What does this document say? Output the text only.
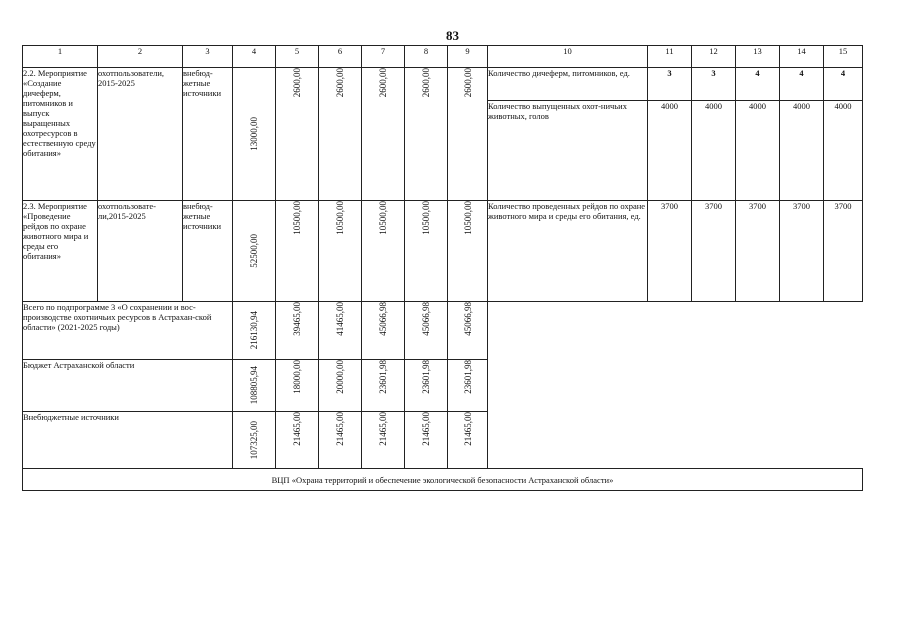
83
1	2	3	4	5	6	7	8	9	10	11	12	13	14	15
2.2. Мероприятие «Создание дичеферм, питомников и выпуск выращенных охотресурсов в естественную среду обитания»	охотпользователи, 2015-2025	внебюд-жетные источники	13000,00	2600,00	2600,00	2600,00	2600,00	2600,00	Количество дичеферм, питомников, ед.	3	3	4	4	4
									Количество выпущенных охот-ничьих животных, голов	4000	4000	4000	4000	4000
2.3. Мероприятие «Проведение рейдов по охране животного мира и среды его обитания»	охотпользовате-ли,2015-2025	внебюд-жетные источники	52500,00	10500,00	10500,00	10500,00	10500,00	10500,00	Количество проведенных рейдов по охране животного мира и среды его обитания, ед.	3700	3700	3700	3700	3700
Всего по подпрограмме 3 «О сохранении и вос-производстве охотничьих ресурсов в Астрахан-ской области» (2021-2025 годы)			216130,94	39465,00	41465,00	45066,98	45066,98	45066,98						

Бюджет Астраханской области			108805,94	18000,00	20000,00	23601,98	23601,98	23601,98						

Внебюджетные источники			107325,00	21465,00	21465,00	21465,00	21465,00	21465,00						

ВЦП «Охрана территорий и обеспечение экологической безопасности Астраханской области»														
